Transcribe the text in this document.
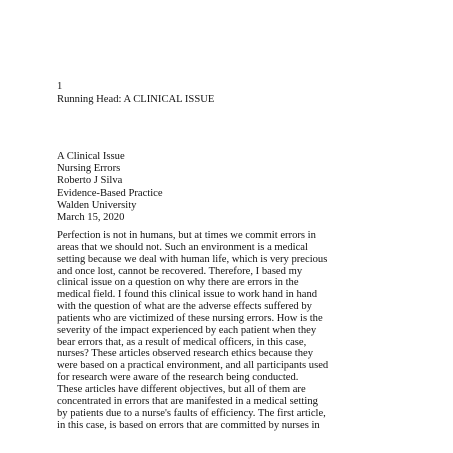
1
Running Head: A CLINICAL ISSUE
A Clinical Issue
Nursing Errors
Roberto J Silva
Evidence-Based Practice
Walden University
March 15, 2020
Perfection is not in humans, but at times we commit errors in
areas that we should not. Such an environment is a medical
setting because we deal with human life, which is very precious
and once lost, cannot be recovered. Therefore, I based my
clinical issue on a question on why there are errors in the
medical field. I found this clinical issue to work hand in hand
with the question of what are the adverse effects suffered by
patients who are victimized of these nursing errors. How is the
severity of the impact experienced by each patient when they
bear errors that, as a result of medical officers, in this case,
nurses? These articles observed research ethics because they
were based on a practical environment, and all participants used
for research were aware of the research being conducted.
These articles have different objectives, but all of them are
concentrated in errors that are manifested in a medical setting
by patients due to a nurse's faults of efficiency. The first article,
in this case, is based on errors that are committed by nurses in
